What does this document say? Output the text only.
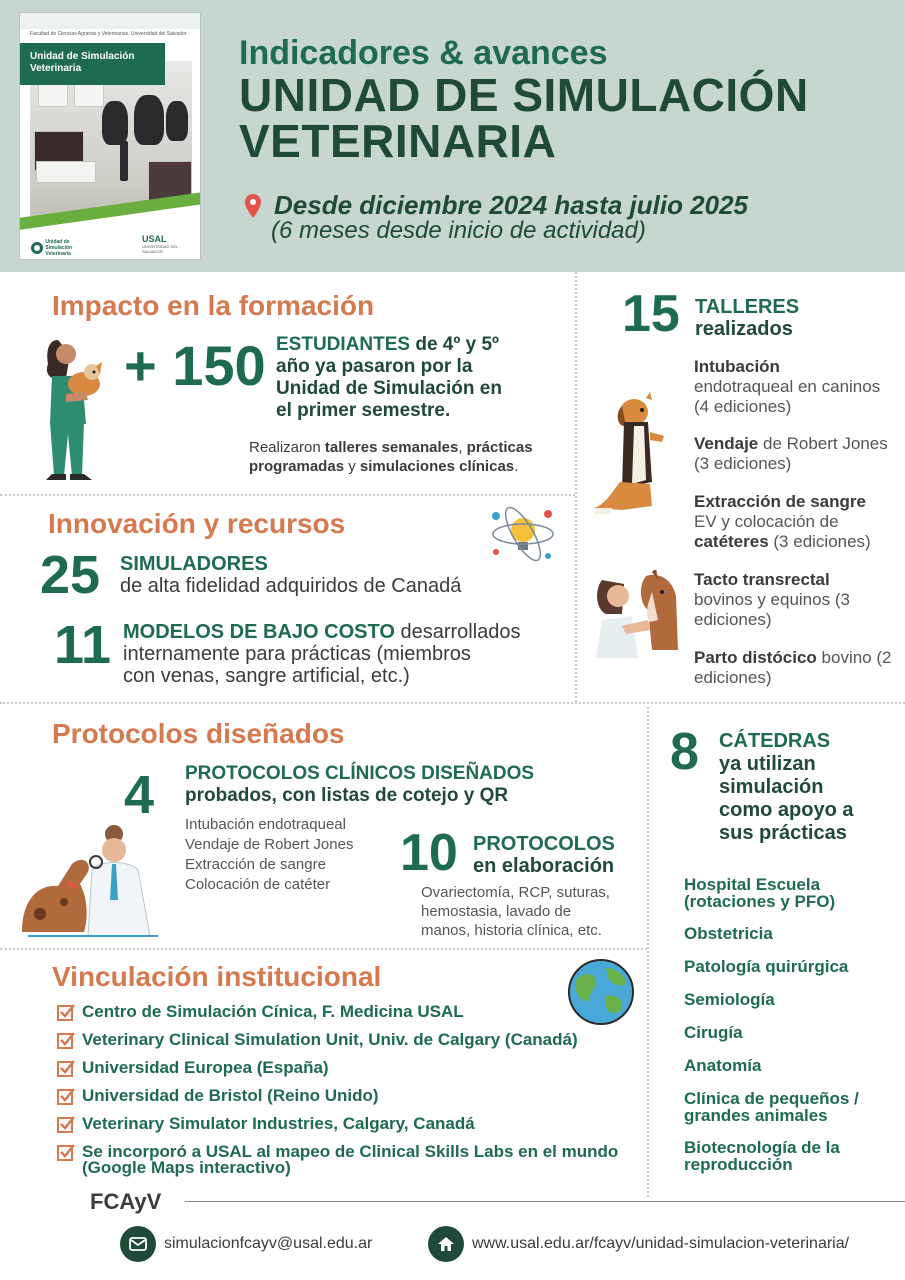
Facultad de Ciencias Agrarias y Veterinarias. Universidad del Salvador
Unidad de Simulación Veterinaria
Unidad de Simulación Veterinaria
USAL
UNIVERSIDAD DEL SALVADOR
Indicadores & avances
UNIDAD DE SIMULACIÓN
VETERINARIA
Desde diciembre 2024 hasta julio 2025
(6 meses desde inicio de actividad)
Impacto en la formación
+ 150 ESTUDIANTES de 4º y 5º
año ya pasaron por la
Unidad de Simulación en
el primer semestre.
Realizaron talleres semanales, prácticas
programadas y simulaciones clínicas.
15 TALLERES
realizados
Intubación
endotraqueal en caninos (4 ediciones)
Vendaje de Robert Jones (3 ediciones)
Extracción de sangre
EV y colocación de
catéteres (3 ediciones)
Tacto transrectal
bovinos y equinos (3 ediciones)
Parto distócico bovino (2 ediciones)
Innovación y recursos
25 SIMULADORES
de alta fidelidad adquiridos de Canadá
11 MODELOS DE BAJO COSTO desarrollados
internamente para prácticas (miembros
con venas, sangre artificial, etc.)
Protocolos diseñados
4 PROTOCOLOS CLÍNICOS DISEÑADOS
probados, con listas de cotejo y QR
Intubación endotraqueal
Vendaje de Robert Jones
Extracción de sangre
Colocación de catéter
10 PROTOCOLOS
en elaboración
Ovariectomía, RCP, suturas,
hemostasia, lavado de
manos, historia clínica, etc.
8 CÁTEDRAS
ya utilizan
simulación
como apoyo a
sus prácticas
Hospital Escuela (rotaciones y PFO)
Obstetricia
Patología quirúrgica
Semiología
Cirugía
Anatomía
Clínica de pequeños / grandes animales
Biotecnología de la reproducción
Vinculación institucional
Centro de Simulación Cínica, F. Medicina USAL
Veterinary Clinical Simulation Unit, Univ. de Calgary (Canadá)
Universidad Europea (España)
Universidad de Bristol (Reino Unido)
Veterinary Simulator Industries, Calgary, Canadá
Se incorporó a USAL al mapeo de Clinical Skills Labs en el mundo (Google Maps interactivo)
FCAyV
simulacionfcayv@usal.edu.ar	www.usal.edu.ar/fcayv/unidad-simulacion-veterinaria/
